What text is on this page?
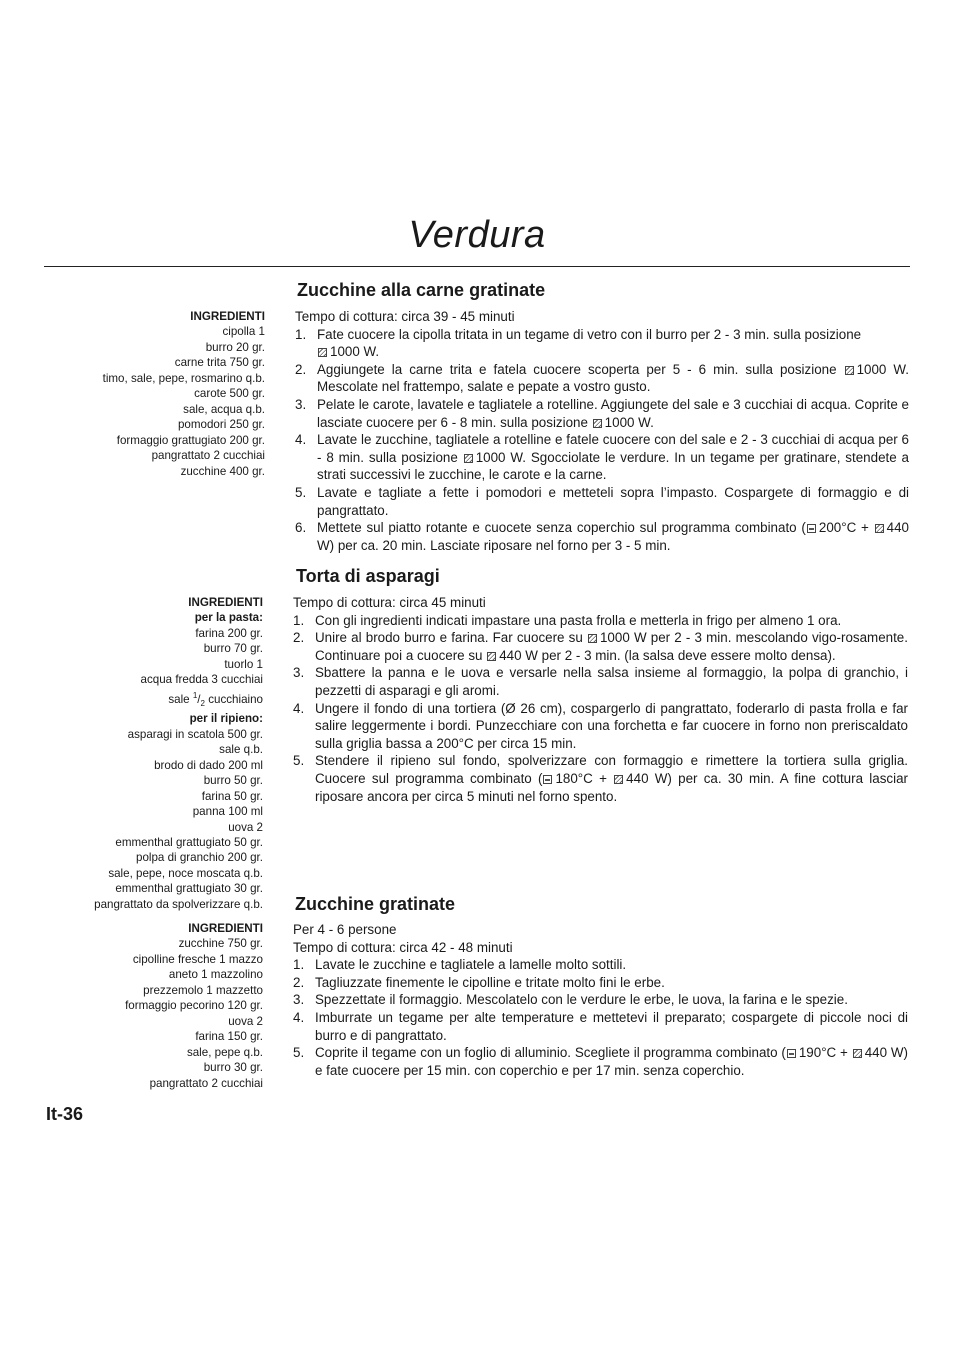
Verdura
Zucchine alla carne gratinate
INGREDIENTI
cipolla 1
burro 20 gr.
carne trita 750 gr.
timo, sale, pepe, rosmarino q.b.
carote 500 gr.
sale, acqua q.b.
pomodori 250 gr.
formaggio grattugiato 200 gr.
pangrattato 2 cucchiai
zucchine 400 gr.
Tempo di cottura: circa 39 - 45 minuti
1. Fate cuocere la cipolla tritata in un tegame di vetro con il burro per 2 - 3 min. sulla posizione
1000 W.
2. Aggiungete la carne trita e fatela cuocere scoperta per 5 - 6 min. sulla posizione 1000 W. Mescolate nel frattempo, salate e pepate a vostro gusto.
3. Pelate le carote, lavatele e tagliatele a rotelline. Aggiungete del sale e 3 cucchiai di acqua. Coprite e lasciate cuocere per 6 - 8 min. sulla posizione 1000 W.
4. Lavate le zucchine, tagliatele a rotelline e fatele cuocere con del sale e 2 - 3 cucchiai di acqua per 6 - 8 min. sulla posizione 1000 W. Sgocciolate le verdure. In un tegame per gratinare, stendete a strati successivi le zucchine, le carote e la carne.
5. Lavate e tagliate a fette i pomodori e metteteli sopra l’impasto. Cospargete di formaggio e di pangrattato.
6. Mettete sul piatto rotante e cuocete senza coperchio sul programma combinato ( 200°C + 440 W) per ca. 20 min. Lasciate riposare nel forno per 3 - 5 min.
Torta di asparagi
INGREDIENTI
per la pasta:
farina 200 gr.
burro 70 gr.
tuorlo 1
acqua fredda 3 cucchiai
sale $^1/_2$ cucchiaino
per il ripieno:
asparagi in scatola 500 gr.
sale q.b.
brodo di dado 200 ml
burro 50 gr.
farina 50 gr.
panna 100 ml
uova 2
emmenthal grattugiato 50 gr.
polpa di granchio 200 gr.
sale, pepe, noce moscata q.b.
emmenthal grattugiato 30 gr.
pangrattato da spolverizzare q.b.
Tempo di cottura: circa 45 minuti
1. Con gli ingredienti indicati impastare una pasta frolla e metterla in frigo per almeno 1 ora.
2. Unire al brodo burro e farina. Far cuocere su 1000 W per 2 - 3 min. mescolando vigo-rosamente. Continuare poi a cuocere su 440 W per 2 - 3 min. (la salsa deve essere molto densa).
3. Sbattere la panna e le uova e versarle nella salsa insieme al formaggio, la polpa di granchio, i pezzetti di asparagi e gli aromi.
4. Ungere il fondo di una tortiera (Ø 26 cm), cospargerlo di pangrattato, foderarlo di pasta frolla e far salire leggermente i bordi. Punzecchiare con una forchetta e far cuocere in forno non preriscaldato sulla griglia bassa a 200°C per circa 15 min.
5. Stendere il ripieno sul fondo, spolverizzare con formaggio e rimettere la tortiera sulla griglia. Cuocere sul programma combinato ( 180°C + 440 W) per ca. 30 min. A fine cottura lasciar riposare ancora per circa 5 minuti nel forno spento.
Zucchine gratinate
INGREDIENTI
zucchine 750 gr.
cipolline fresche 1 mazzo
aneto 1 mazzolino
prezzemolo 1 mazzetto
formaggio pecorino 120 gr.
uova 2
farina 150 gr.
sale, pepe q.b.
burro 30 gr.
pangrattato 2 cucchiai
Per 4 - 6 persone
Tempo di cottura: circa 42 - 48 minuti
1. Lavate le zucchine e tagliatele a lamelle molto sottili.
2. Tagliuzzate finemente le cipolline e tritate molto fini le erbe.
3. Spezzettate il formaggio. Mescolatelo con le verdure le erbe, le uova, la farina e le spezie.
4. Imburrate un tegame per alte temperature e mettetevi il preparato; cospargete di piccole noci di burro e di pangrattato.
5. Coprite il tegame con un foglio di alluminio. Scegliete il programma combinato ( 190°C + 440 W) e fate cuocere per 15 min. con coperchio e per 17 min. senza coperchio.
It-36
